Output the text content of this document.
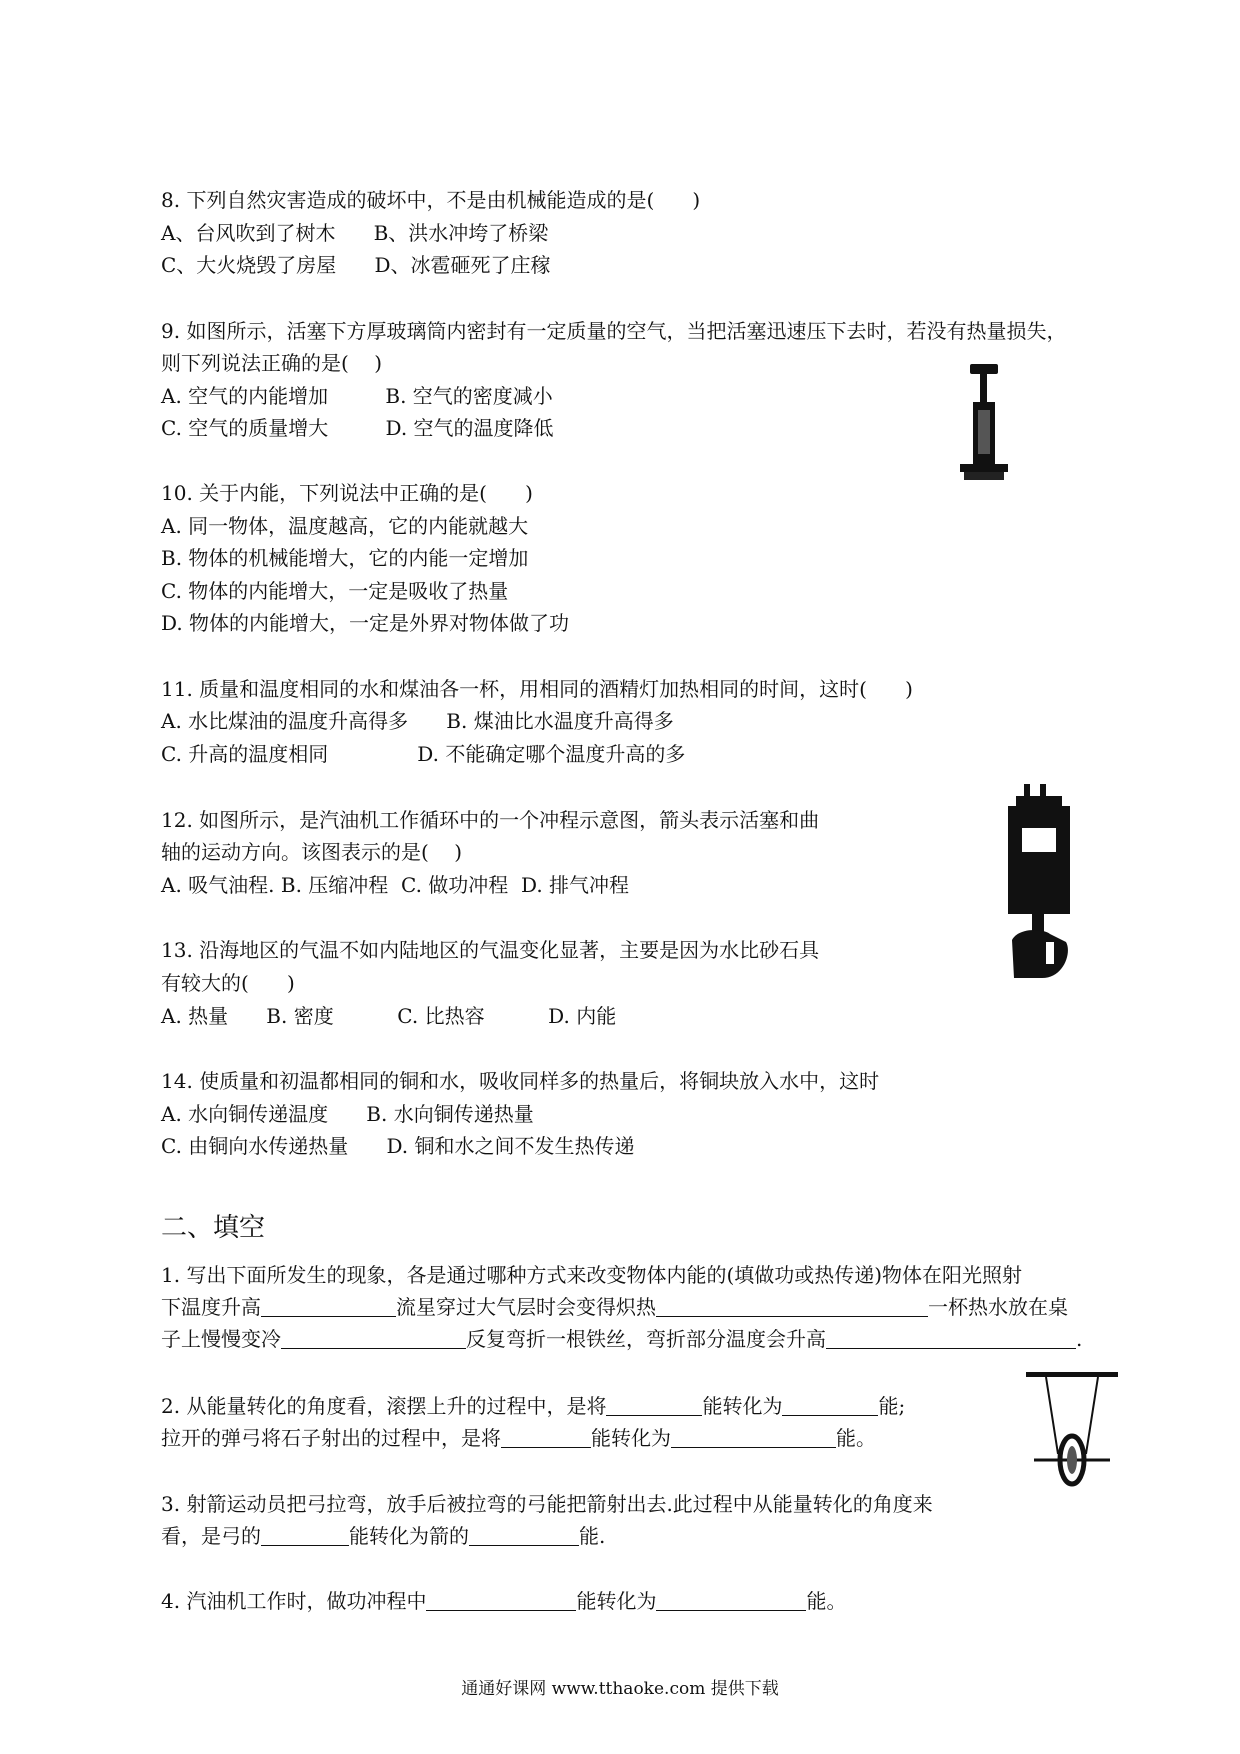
8. 下列自然灾害造成的破坏中，不是由机械能造成的是(      )
A、台风吹到了树木      B、洪水冲垮了桥梁
C、大火烧毁了房屋      D、冰雹砸死了庄稼
9. 如图所示，活塞下方厚玻璃筒内密封有一定质量的空气，当把活塞迅速压下去时，若没有热量损失，
则下列说法正确的是(    )
A. 空气的内能增加         B. 空气的密度减小
C. 空气的质量增大         D. 空气的温度降低
10. 关于内能，下列说法中正确的是(      )
A. 同一物体，温度越高，它的内能就越大
B. 物体的机械能增大，它的内能一定增加
C. 物体的内能增大，一定是吸收了热量
D. 物体的内能增大，一定是外界对物体做了功
11. 质量和温度相同的水和煤油各一杯，用相同的酒精灯加热相同的时间，这时(      )
A. 水比煤油的温度升高得多      B. 煤油比水温度升高得多
C. 升高的温度相同              D. 不能确定哪个温度升高的多
12. 如图所示，是汽油机工作循环中的一个冲程示意图，箭头表示活塞和曲
轴的运动方向。该图表示的是(    )
A. 吸气油程. B. 压缩冲程  C. 做功冲程  D. 排气冲程
13. 沿海地区的气温不如内陆地区的气温变化显著，主要是因为水比砂石具
有较大的(      )
A. 热量      B. 密度          C. 比热容          D. 内能
14. 使质量和初温都相同的铜和水，吸收同样多的热量后，将铜块放入水中，这时
A. 水向铜传递温度      B. 水向铜传递热量
C. 由铜向水传递热量      D. 铜和水之间不发生热传递
二、填空
1. 写出下面所发生的现象，各是通过哪种方式来改变物体内能的(填做功或热传递)物体在阳光照射
下温度升高	流星穿过大气层时会变得炽热	一杯热水放在桌
子上慢慢变冷	反复弯折一根铁丝，弯折部分温度会升高	.
2. 从能量转化的角度看，滚摆上升的过程中，是将	能转化为	能;
拉开的弹弓将石子射出的过程中，是将	能转化为	能。
3. 射箭运动员把弓拉弯，放手后被拉弯的弓能把箭射出去.此过程中从能量转化的角度来
看，是弓的	能转化为箭的	能.
4. 汽油机工作时，做功冲程中	能转化为	能。
通通好课网 www.tthaoke.com 提供下载
